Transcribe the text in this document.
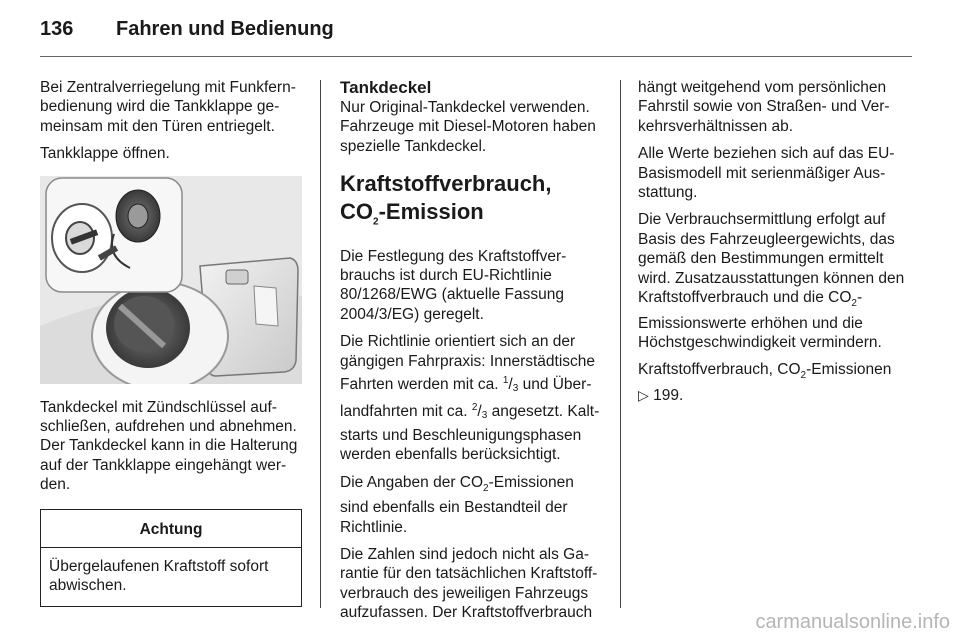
136 Fahren und Bedienung

Bei Zentralverriegelung mit Funkfernbedienung wird die Tankklappe gemeinsam mit den Türen entriegelt.

Tankklappe öffnen.

Tankdeckel mit Zündschlüssel aufschließen, aufdrehen und abnehmen. Der Tankdeckel kann in die Halterung auf der Tankklappe eingehängt werden.

Achtung
Übergelaufenen Kraftstoff sofort abwischen.
Tankdeckel

Nur Original-Tankdeckel verwenden. Fahrzeuge mit Diesel-Motoren haben spezielle Tankdeckel.

Kraftstoffverbrauch,
$CO_2$-Emission

Die Festlegung des Kraftstoffverbrauchs ist durch EU-Richtlinie 80/1268/EWG (aktuelle Fassung 2004/3/EG) geregelt.

Die Richtlinie orientiert sich an der gängigen Fahrpraxis: Innerstädtische Fahrten werden mit ca. $^1/_3$ und Überlandfahrten mit ca. $^2/_3$ angesetzt. Kaltstarts und Beschleunigungsphasen werden ebenfalls berücksichtigt.

Die Angaben der $CO_2$-Emissionen sind ebenfalls ein Bestandteil der Richtlinie.

Die Zahlen sind jedoch nicht als Garantie für den tatsächlichen Kraftstoffverbrauch des jeweiligen Fahrzeugs aufzufassen. Der Kraftstoffverbrauch

hängt weitgehend vom persönlichen Fahrstil sowie von Straßen- und Verkehrsverhältnissen ab.

Alle Werte beziehen sich auf das EU-Basismodell mit serienmäßiger Ausstattung.

Die Verbrauchsermittlung erfolgt auf Basis des Fahrzeugleergewichts, das gemäß den Bestimmungen ermittelt wird. Zusatzausstattungen können den Kraftstoffverbrauch und die $CO_2$-Emissionswerte erhöhen und die Höchstgeschwindigkeit vermindern.

Kraftstoffverbrauch, $CO_2$-Emissionen
▷ 199.

carmanualsonline.info
